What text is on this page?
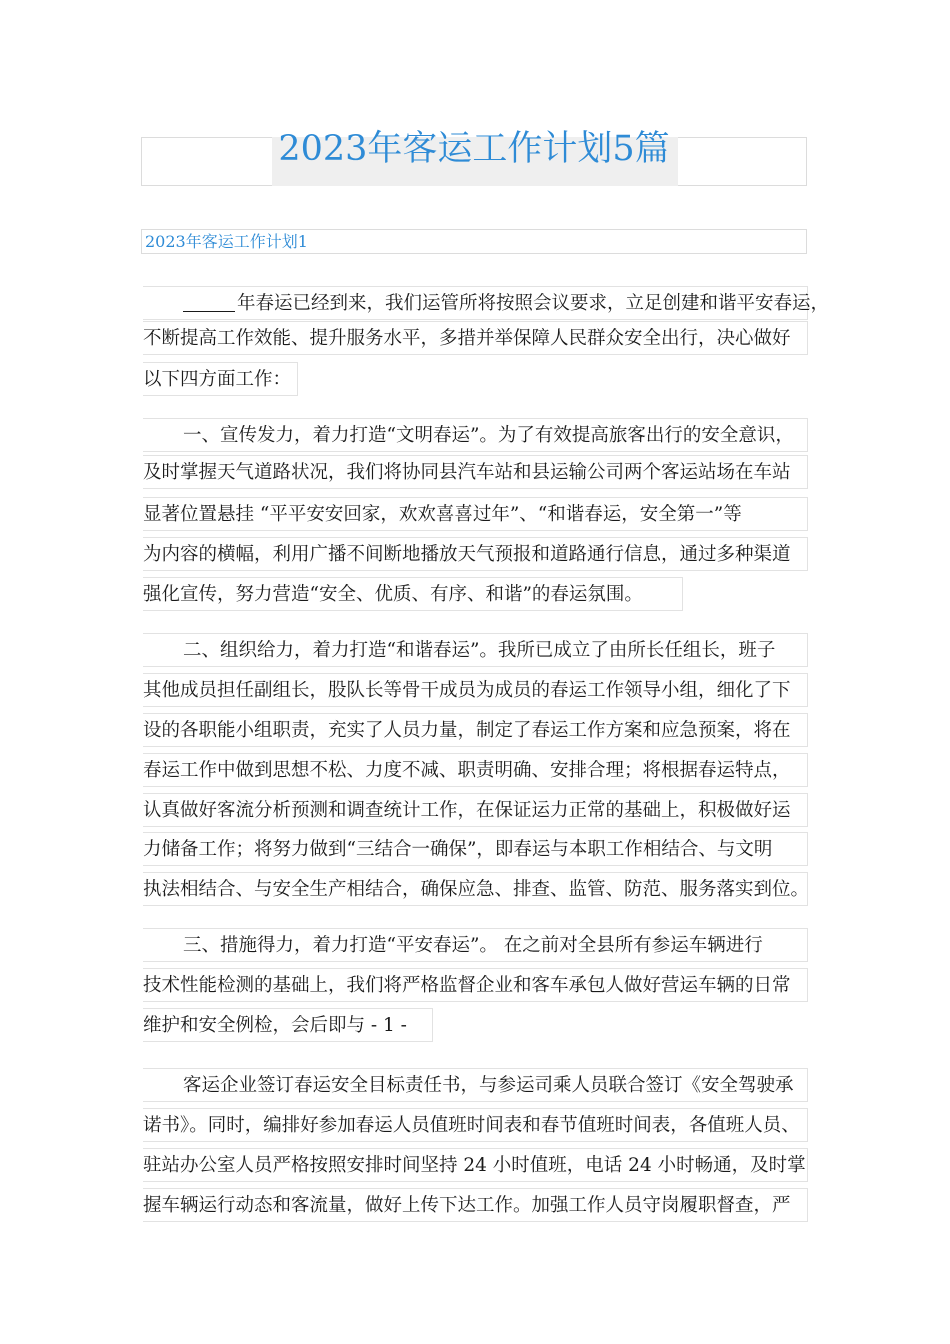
2023年客运工作计划5篇
2023年客运工作计划1
年春运已经到来，我们运管所将按照会议要求，立足创建和谐平安春运，
不断提高工作效能、提升服务水平，多措并举保障人民群众安全出行，决心做好
以下四方面工作：
一、宣传发力，着力打造“文明春运”。为了有效提高旅客出行的安全意识，
及时掌握天气道路状况，我们将协同县汽车站和县运输公司两个客运站场在车站
显著位置悬挂 “平平安安回家，欢欢喜喜过年”、“和谐春运，安全第一”等
为内容的横幅，利用广播不间断地播放天气预报和道路通行信息，通过多种渠道
强化宣传，努力营造“安全、优质、有序、和谐”的春运氛围。
二、组织给力，着力打造“和谐春运”。我所已成立了由所长任组长，班子
其他成员担任副组长，股队长等骨干成员为成员的春运工作领导小组，细化了下
设的各职能小组职责，充实了人员力量，制定了春运工作方案和应急预案，将在
春运工作中做到思想不松、力度不减、职责明确、安排合理；将根据春运特点，
认真做好客流分析预测和调查统计工作，在保证运力正常的基础上，积极做好运
力储备工作；将努力做到“三结合一确保”，即春运与本职工作相结合、与文明
执法相结合、与安全生产相结合，确保应急、排查、监管、防范、服务落实到位。
三、措施得力，着力打造“平安春运”。 在之前对全县所有参运车辆进行
技术性能检测的基础上，我们将严格监督企业和客车承包人做好营运车辆的日常
维护和安全例检，会后即与 - 1 -
客运企业签订春运安全目标责任书，与参运司乘人员联合签订《安全驾驶承
诺书》。同时，编排好参加春运人员值班时间表和春节值班时间表，各值班人员、
驻站办公室人员严格按照安排时间坚持 24 小时值班，电话 24 小时畅通，及时掌
握车辆运行动态和客流量，做好上传下达工作。加强工作人员守岗履职督查，严
